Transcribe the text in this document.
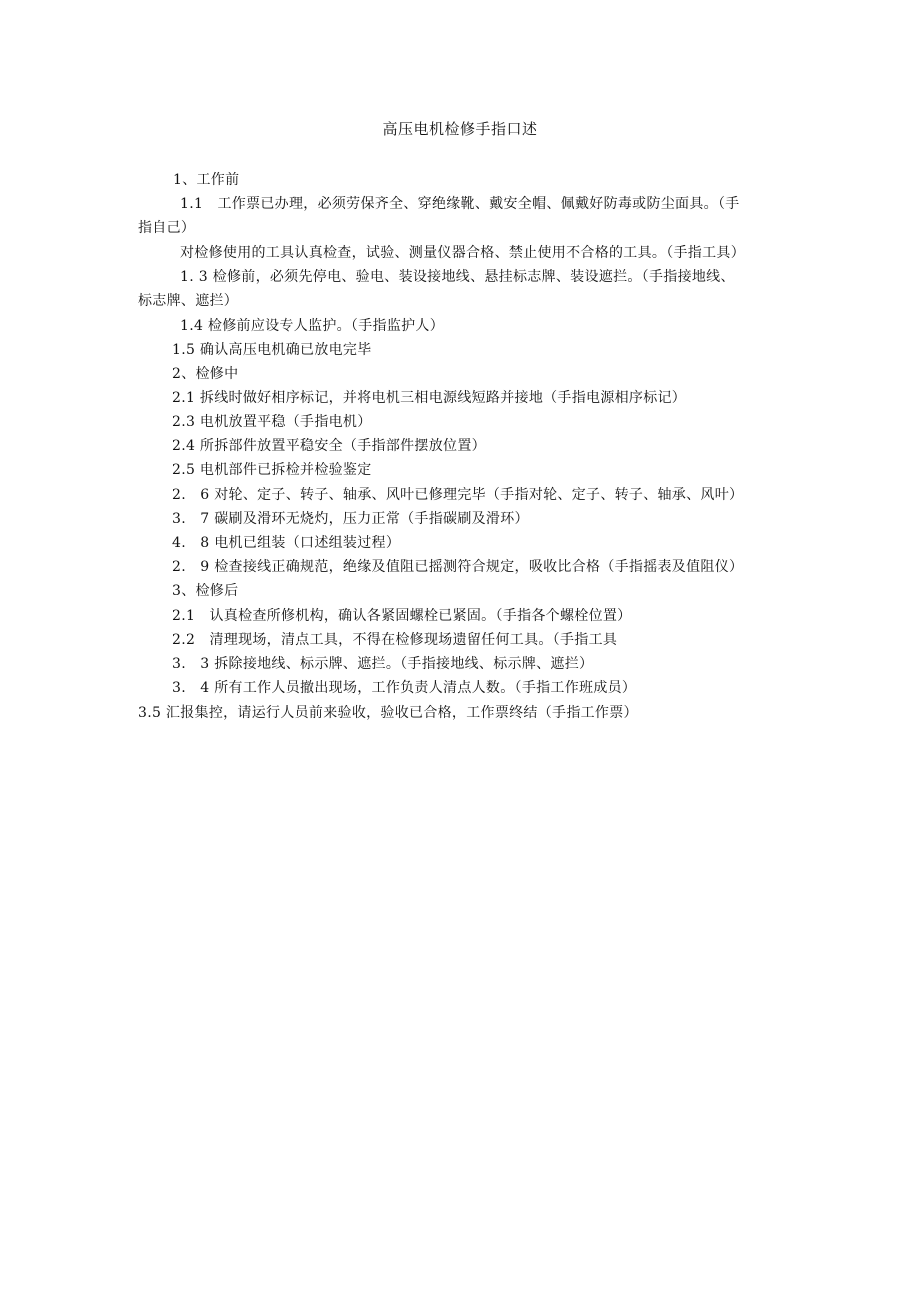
高压电机检修手指口述
1、工作前
1.1　工作票已办理，必须劳保齐全、穿绝缘靴、戴安全帽、佩戴好防毒或防尘面具。（手
指自己）
对检修使用的工具认真检查，试验、测量仪器合格、禁止使用不合格的工具。（手指工具）
1. 3 检修前，必须先停电、验电、装设接地线、悬挂标志牌、装设遮拦。（手指接地线、
标志牌、遮拦）
1.4 检修前应设专人监护。（手指监护人）
1.5 确认高压电机确已放电完毕
2、检修中
2.1 拆线时做好相序标记，并将电机三相电源线短路并接地（手指电源相序标记）
2.3 电机放置平稳（手指电机）
2.4 所拆部件放置平稳安全（手指部件摆放位置）
2.5 电机部件已拆检并检验鉴定
2.　6 对轮、定子、转子、轴承、风叶已修理完毕（手指对轮、定子、转子、轴承、风叶）
3.　7 碳刷及滑环无烧灼，压力正常（手指碳刷及滑环）
4.　8 电机已组装（口述组装过程）
2.　9 检查接线正确规范，绝缘及值阻已摇测符合规定，吸收比合格（手指摇表及值阻仪）
3、检修后
2.1　认真检查所修机构，确认各紧固螺栓已紧固。（手指各个螺栓位置）
2.2　清理现场，清点工具，不得在检修现场遗留任何工具。（手指工具
3.　3 拆除接地线、标示牌、遮拦。（手指接地线、标示牌、遮拦）
3.　4 所有工作人员撤出现场，工作负责人清点人数。（手指工作班成员）
3.5 汇报集控，请运行人员前来验收，验收已合格，工作票终结（手指工作票）
